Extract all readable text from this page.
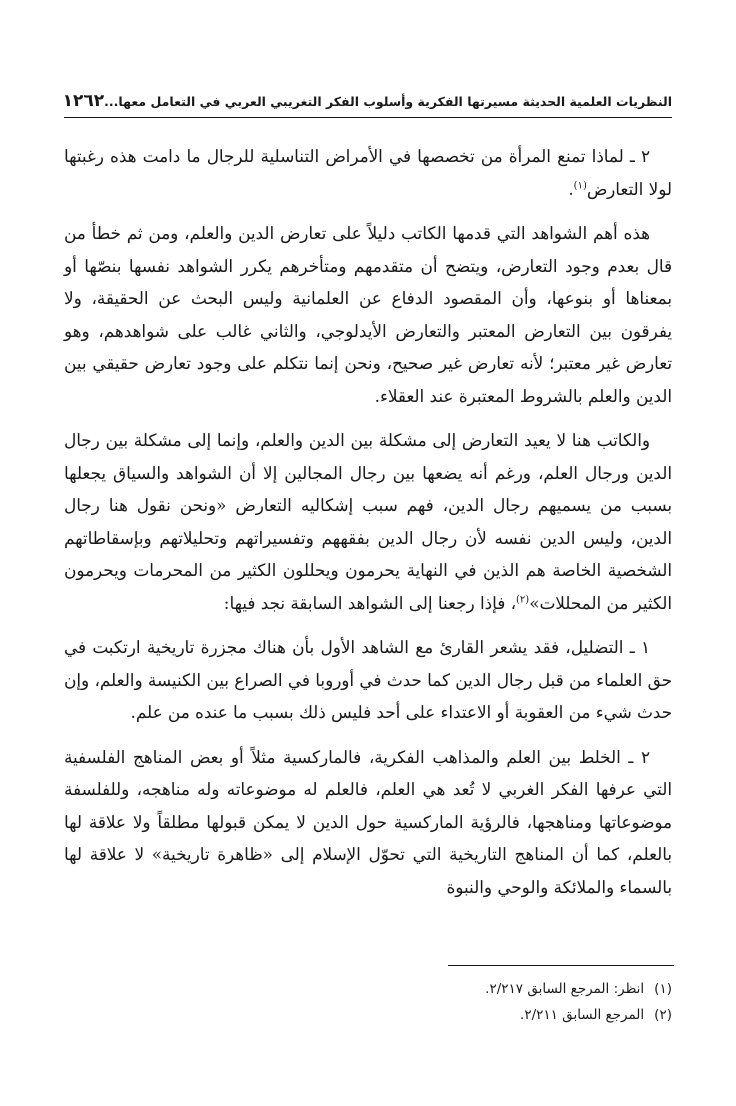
النظريات العلمية الحديثة مسيرتها الفكرية وأسلوب الفكر التغريبي العربي في التعامل معها...
١٢٦٢

٢ ـ لماذا تمنع المرأة من تخصصها في الأمراض التناسلية للرجال ما دامت هذه رغبتها لولا التعارض$^{(١)}$.

هذه أهم الشواهد التي قدمها الكاتب دليلاً على تعارض الدين والعلم، ومن ثم خطأ من قال بعدم وجود التعارض، ويتضح أن متقدمهم ومتأخرهم يكرر الشواهد نفسها بنصّها أو بمعناها أو بنوعها، وأن المقصود الدفاع عن العلمانية وليس البحث عن الحقيقة، ولا يفرقون بين التعارض المعتبر والتعارض الأيدلوجي، والثاني غالب على شواهدهم، وهو تعارض غير معتبر؛ لأنه تعارض غير صحيح، ونحن إنما نتكلم على وجود تعارض حقيقي بين الدين والعلم بالشروط المعتبرة عند العقلاء.

والكاتب هنا لا يعيد التعارض إلى مشكلة بين الدين والعلم، وإنما إلى مشكلة بين رجال الدين ورجال العلم، ورغم أنه يضعها بين رجال المجالين إلا أن الشواهد والسياق يجعلها بسبب من يسميهم رجال الدين، فهم سبب إشكاليه التعارض «ونحن نقول هنا رجال الدين، وليس الدين نفسه لأن رجال الدين بفقههم وتفسيراتهم وتحليلاتهم وبإسقاطاتهم الشخصية الخاصة هم الذين في النهاية يحرمون ويحللون الكثير من المحرمات ويحرمون الكثير من المحللات»$^{(٢)}$، فإذا رجعنا إلى الشواهد السابقة نجد فيها:

١ ـ التضليل، فقد يشعر القارئ مع الشاهد الأول بأن هناك مجزرة تاريخية ارتكبت في حق العلماء من قبل رجال الدين كما حدث في أوروبا في الصراع بين الكنيسة والعلم، وإن حدث شيء من العقوبة أو الاعتداء على أحد فليس ذلك بسبب ما عنده من علم.

٢ ـ الخلط بين العلم والمذاهب الفكرية، فالماركسية مثلاً أو بعض المناهج الفلسفية التي عرفها الفكر الغربي لا تُعد هي العلم، فالعلم له موضوعاته وله مناهجه، وللفلسفة موضوعاتها ومناهجها، فالرؤية الماركسية حول الدين لا يمكن قبولها مطلقاً ولا علاقة لها بالعلم، كما أن المناهج التاريخية التي تحوّل الإسلام إلى «ظاهرة تاريخية» لا علاقة لها بالسماء والملائكة والوحي والنبوة

(١)
انظر: المرجع السابق ٢/٢١٧.
(٢)
المرجع السابق ٢/٢١١.
